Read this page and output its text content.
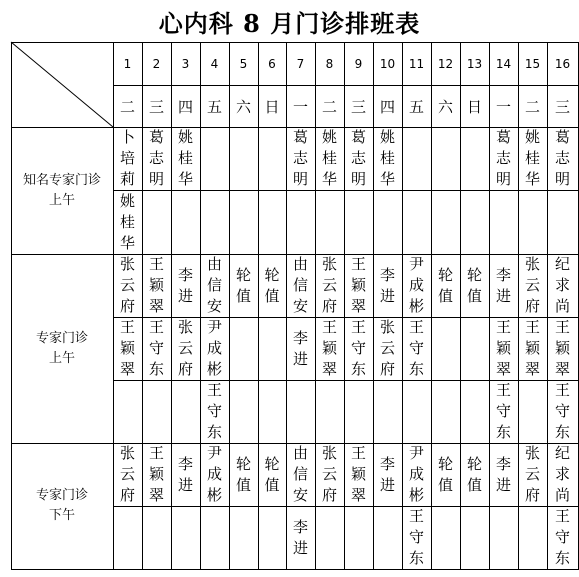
心内科 8 月门诊排班表
1
二
2
三
3
四
4
五
5
六
6
日
7
一
8
二
9
三
10
四
11
五
12
六
13
日
14
一
15
二
16
三
知名专家门诊
上午
卜培莉
葛志明
姚桂华
葛志明
姚桂华
葛志明
姚桂华
葛志明
姚桂华
葛志明
姚桂华
专家门诊
上午
张云府
王颖翠
李进
由信安
轮值
轮值
由信安
张云府
王颖翠
李进
尹成彬
轮值
轮值
李进
张云府
纪求尚
王颖翠
王守东
张云府
尹成彬
李进
王颖翠
王守东
张云府
王守东
王颖翠
王颖翠
王颖翠
王守东
王守东
王守东
专家门诊
下午
张云府
王颖翠
李进
尹成彬
轮值
轮值
由信安
张云府
王颖翠
李进
尹成彬
轮值
轮值
李进
张云府
纪求尚
李进
王守东
王守东
